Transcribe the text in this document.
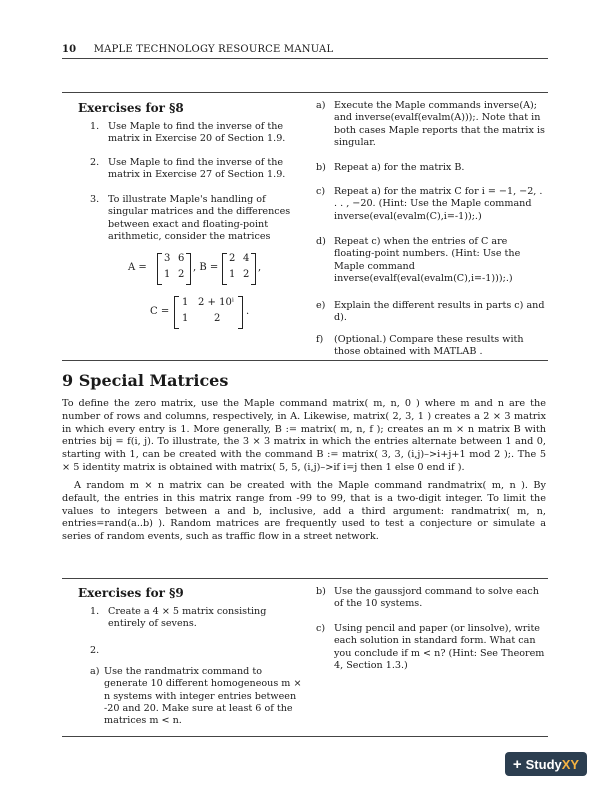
10 MAPLE TECHNOLOGY RESOURCE MANUAL
Exercises for §8
1. Use Maple to find the inverse of the matrix in Exercise 20 of Section 1.9.
2. Use Maple to find the inverse of the matrix in Exercise 27 of Section 1.9.
3. To illustrate Maple's handling of singular matrices and the differences between exact and floating-point arithmetic, consider the matrices
A =
3 6
1 2
, B =
2 4
1 2
,
C =
1 2 + 10ⁱ
1	2
.
a) Execute the Maple commands inverse(A); and inverse(evalf(evalm(A)));. Note that in both cases Maple reports that the matrix is singular.
b) Repeat a) for the matrix B.
c) Repeat a) for the matrix C for i = −1, −2, . . . , −20. (Hint: Use the Maple command inverse(eval(evalm(C),i=-1));.)
d) Repeat c) when the entries of C are floating-point numbers. (Hint: Use the Maple command inverse(evalf(eval(evalm(C),i=-1)));.)
e) Explain the different results in parts c) and d).
f)	(Optional.) Compare these results with those obtained with MATLAB .
9 Special Matrices
To define the zero matrix, use the Maple command matrix( m, n, 0 ) where m and n are the number of rows and columns, respectively, in A. Likewise, matrix( 2, 3, 1 ) creates a 2 × 3 matrix in which every entry is 1. More generally, B := matrix( m, n, f ); creates an m × n matrix B with entries bij = f(i, j). To illustrate, the 3 × 3 matrix in which the entries alternate between 1 and 0, starting with 1, can be created with the command B := matrix( 3, 3, (i,j)–>i+j+1 mod 2 );. The 5 × 5 identity matrix is obtained with matrix( 5, 5, (i,j)–>if i=j then 1 else 0 end if ).
A random m × n matrix can be created with the Maple command randmatrix( m, n ). By default, the entries in this matrix range from -99 to 99, that is a two-digit integer. To limit the values to integers between a and b, inclusive, add a third argument: randmatrix( m, n, entries=rand(a..b) ). Random matrices are frequently used to test a conjecture or simulate a series of random events, such as traffic flow in a street network.
Exercises for §9
1. Create a 4 × 5 matrix consisting entirely of sevens.
2.
a) Use the randmatrix command to generate 10 different homogeneous m × n systems with integer entries between -20 and 20. Make sure at least 6 of the matrices m < n.
b) Use the gaussjord command to solve each of the 10 systems.
c) Using pencil and paper (or linsolve), write each solution in standard form. What can you conclude if m < n? (Hint: See Theorem 4, Section 1.3.)
+ StudyXY
